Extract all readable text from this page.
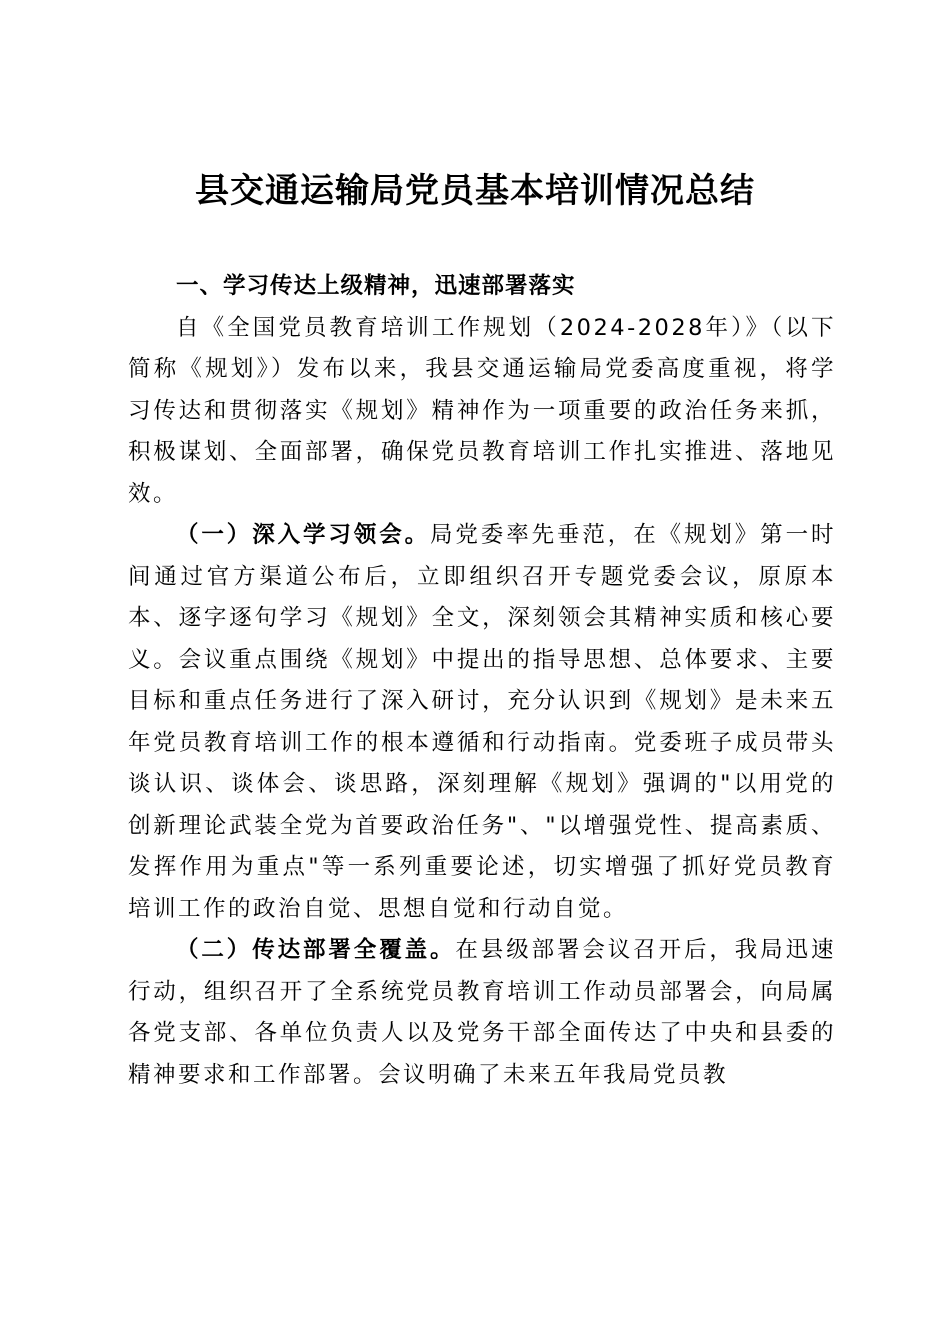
县交通运输局党员基本培训情况总结

一、学习传达上级精神，迅速部署落实

自《全国党员教育培训工作规划（2024-2028年）》（以下简称《规划》）发布以来，我县交通运输局党委高度重视，将学习传达和贯彻落实《规划》精神作为一项重要的政治任务来抓，积极谋划、全面部署，确保党员教育培训工作扎实推进、落地见效。

（一）深入学习领会。局党委率先垂范，在《规划》第一时间通过官方渠道公布后，立即组织召开专题党委会议，原原本本、逐字逐句学习《规划》全文，深刻领会其精神实质和核心要义。会议重点围绕《规划》中提出的指导思想、总体要求、主要目标和重点任务进行了深入研讨，充分认识到《规划》是未来五年党员教育培训工作的根本遵循和行动指南。党委班子成员带头谈认识、谈体会、谈思路，深刻理解《规划》强调的"以用党的创新理论武装全党为首要政治任务"、"以增强党性、提高素质、发挥作用为重点"等一系列重要论述，切实增强了抓好党员教育培训工作的政治自觉、思想自觉和行动自觉。

（二）传达部署全覆盖。在县级部署会议召开后，我局迅速行动，组织召开了全系统党员教育培训工作动员部署会，向局属各党支部、各单位负责人以及党务干部全面传达了中央和县委的精神要求和工作部署。会议明确了未来五年我局党员教
